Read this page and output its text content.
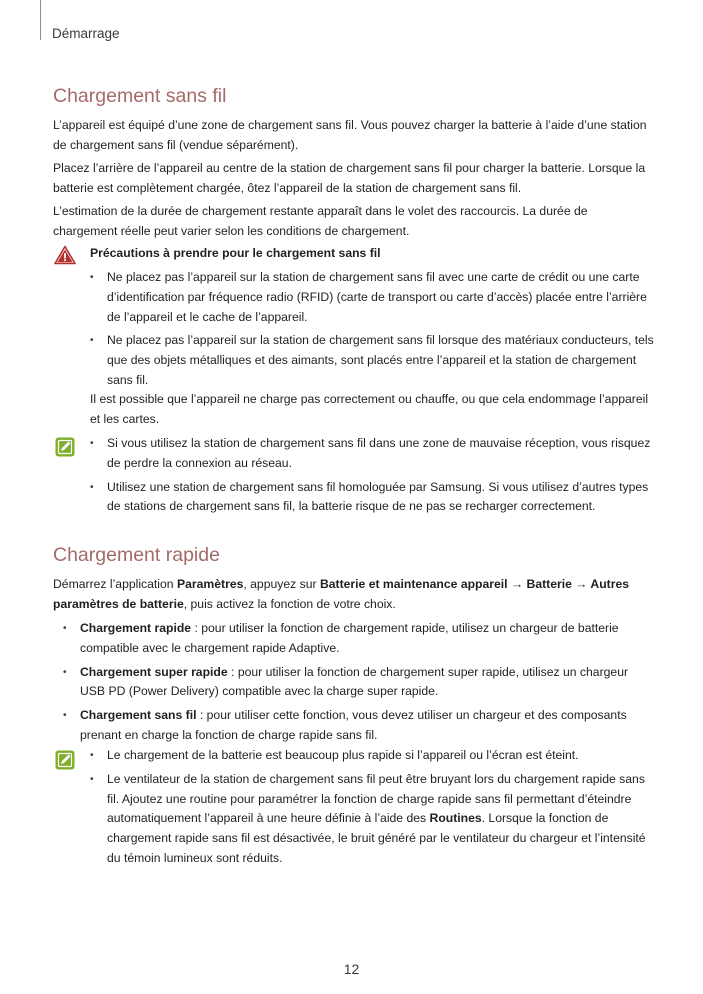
Démarrage
Chargement sans fil

L’appareil est équipé d’une zone de chargement sans fil. Vous pouvez charger la batterie à l’aide d’une station de chargement sans fil (vendue séparément).

Placez l’arrière de l’appareil au centre de la station de chargement sans fil pour charger la batterie. Lorsque la batterie est complètement chargée, ôtez l’appareil de la station de chargement sans fil.

L’estimation de la durée de chargement restante apparaît dans le volet des raccourcis. La durée de chargement réelle peut varier selon les conditions de chargement.

Précautions à prendre pour le chargement sans fil
• Ne placez pas l’appareil sur la station de chargement sans fil avec une carte de crédit ou une carte d’identification par fréquence radio (RFID) (carte de transport ou carte d’accès) placée entre l’arrière de l’appareil et le cache de l’appareil.
• Ne placez pas l’appareil sur la station de chargement sans fil lorsque des matériaux conducteurs, tels que des objets métalliques et des aimants, sont placés entre l’appareil et la station de chargement sans fil.

Il est possible que l’appareil ne charge pas correctement ou chauffe, ou que cela endommage l’appareil et les cartes.

• Si vous utilisez la station de chargement sans fil dans une zone de mauvaise réception, vous risquez de perdre la connexion au réseau.
• Utilisez une station de chargement sans fil homologuée par Samsung. Si vous utilisez d’autres types de stations de chargement sans fil, la batterie risque de ne pas se recharger correctement.
Chargement rapide

Démarrez l’application Paramètres, appuyez sur Batterie et maintenance appareil → Batterie → Autres paramètres de batterie, puis activez la fonction de votre choix.

• Chargement rapide : pour utiliser la fonction de chargement rapide, utilisez un chargeur de batterie compatible avec le chargement rapide Adaptive.
• Chargement super rapide : pour utiliser la fonction de chargement super rapide, utilisez un chargeur USB PD (Power Delivery) compatible avec la charge super rapide.
• Chargement sans fil : pour utiliser cette fonction, vous devez utiliser un chargeur et des composants prenant en charge la fonction de charge rapide sans fil.
• Le chargement de la batterie est beaucoup plus rapide si l’appareil ou l’écran est éteint.
• Le ventilateur de la station de chargement sans fil peut être bruyant lors du chargement rapide sans fil. Ajoutez une routine pour paramétrer la fonction de charge rapide sans fil permettant d’éteindre automatiquement l’appareil à une heure définie à l’aide des Routines. Lorsque la fonction de chargement rapide sans fil est désactivée, le bruit généré par le ventilateur du chargeur et l’intensité du témoin lumineux sont réduits.
12
